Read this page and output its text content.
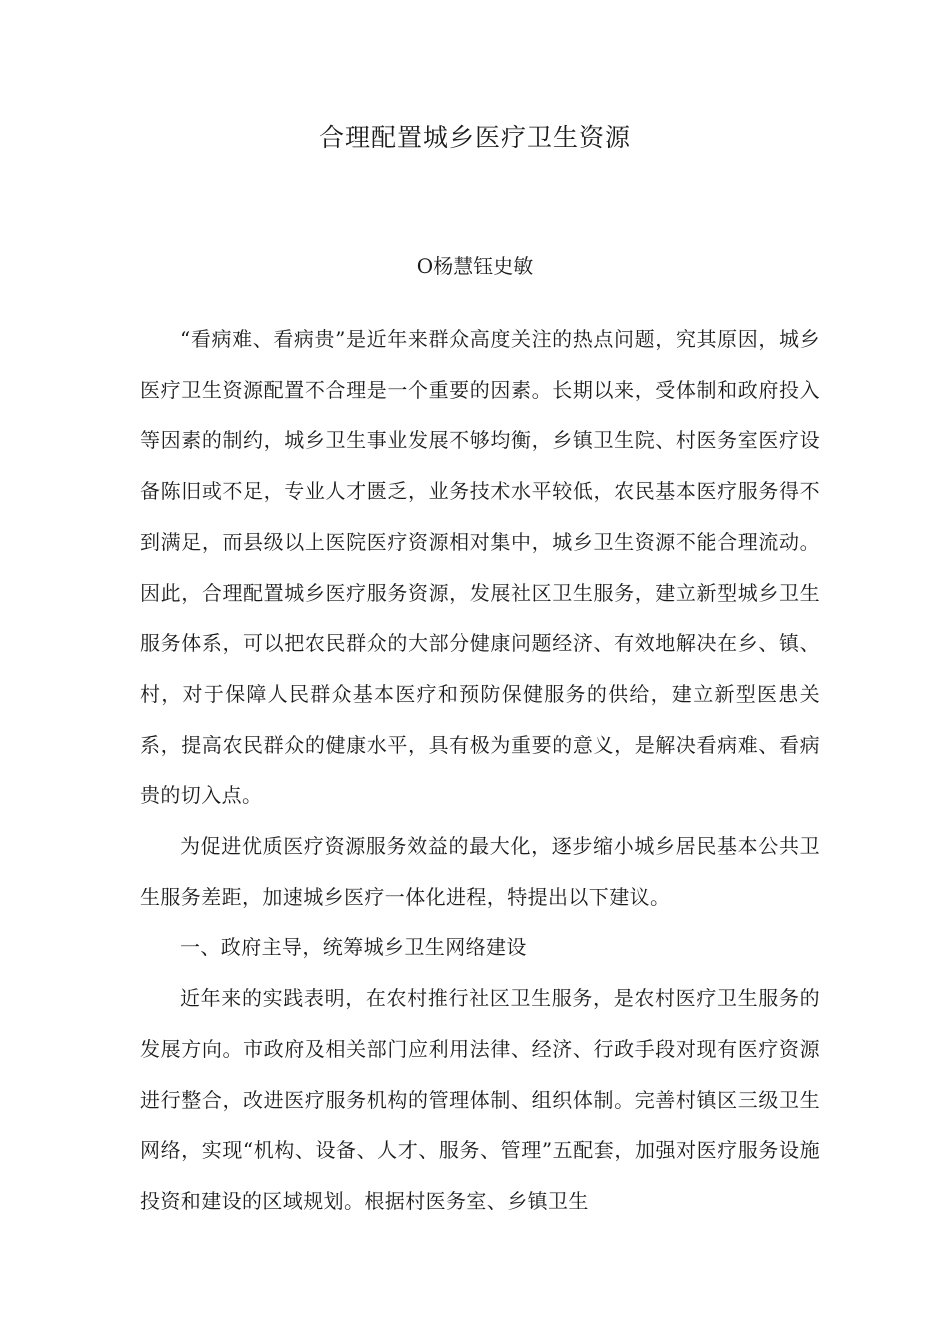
合理配置城乡医疗卫生资源
O杨慧钰史敏

“看病难、看病贵”是近年来群众高度关注的热点问题，究其原因，城乡医疗卫生资源配置不合理是一个重要的因素。长期以来，受体制和政府投入等因素的制约，城乡卫生事业发展不够均衡，乡镇卫生院、村医务室医疗设备陈旧或不足，专业人才匮乏，业务技术水平较低，农民基本医疗服务得不到满足，而县级以上医院医疗资源相对集中，城乡卫生资源不能合理流动。因此，合理配置城乡医疗服务资源，发展社区卫生服务，建立新型城乡卫生服务体系，可以把农民群众的大部分健康问题经济、有效地解决在乡、镇、村，对于保障人民群众基本医疗和预防保健服务的供给，建立新型医患关系，提高农民群众的健康水平，具有极为重要的意义，是解决看病难、看病贵的切入点。

为促进优质医疗资源服务效益的最大化，逐步缩小城乡居民基本公共卫生服务差距，加速城乡医疗一体化进程，特提出以下建议。

一、政府主导，统筹城乡卫生网络建设

近年来的实践表明，在农村推行社区卫生服务，是农村医疗卫生服务的发展方向。市政府及相关部门应利用法律、经济、行政手段对现有医疗资源进行整合，改进医疗服务机构的管理体制、组织体制。完善村镇区三级卫生网络，实现“机构、设备、人才、服务、管理”五配套，加强对医疗服务设施投资和建设的区域规划。根据村医务室、乡镇卫生
